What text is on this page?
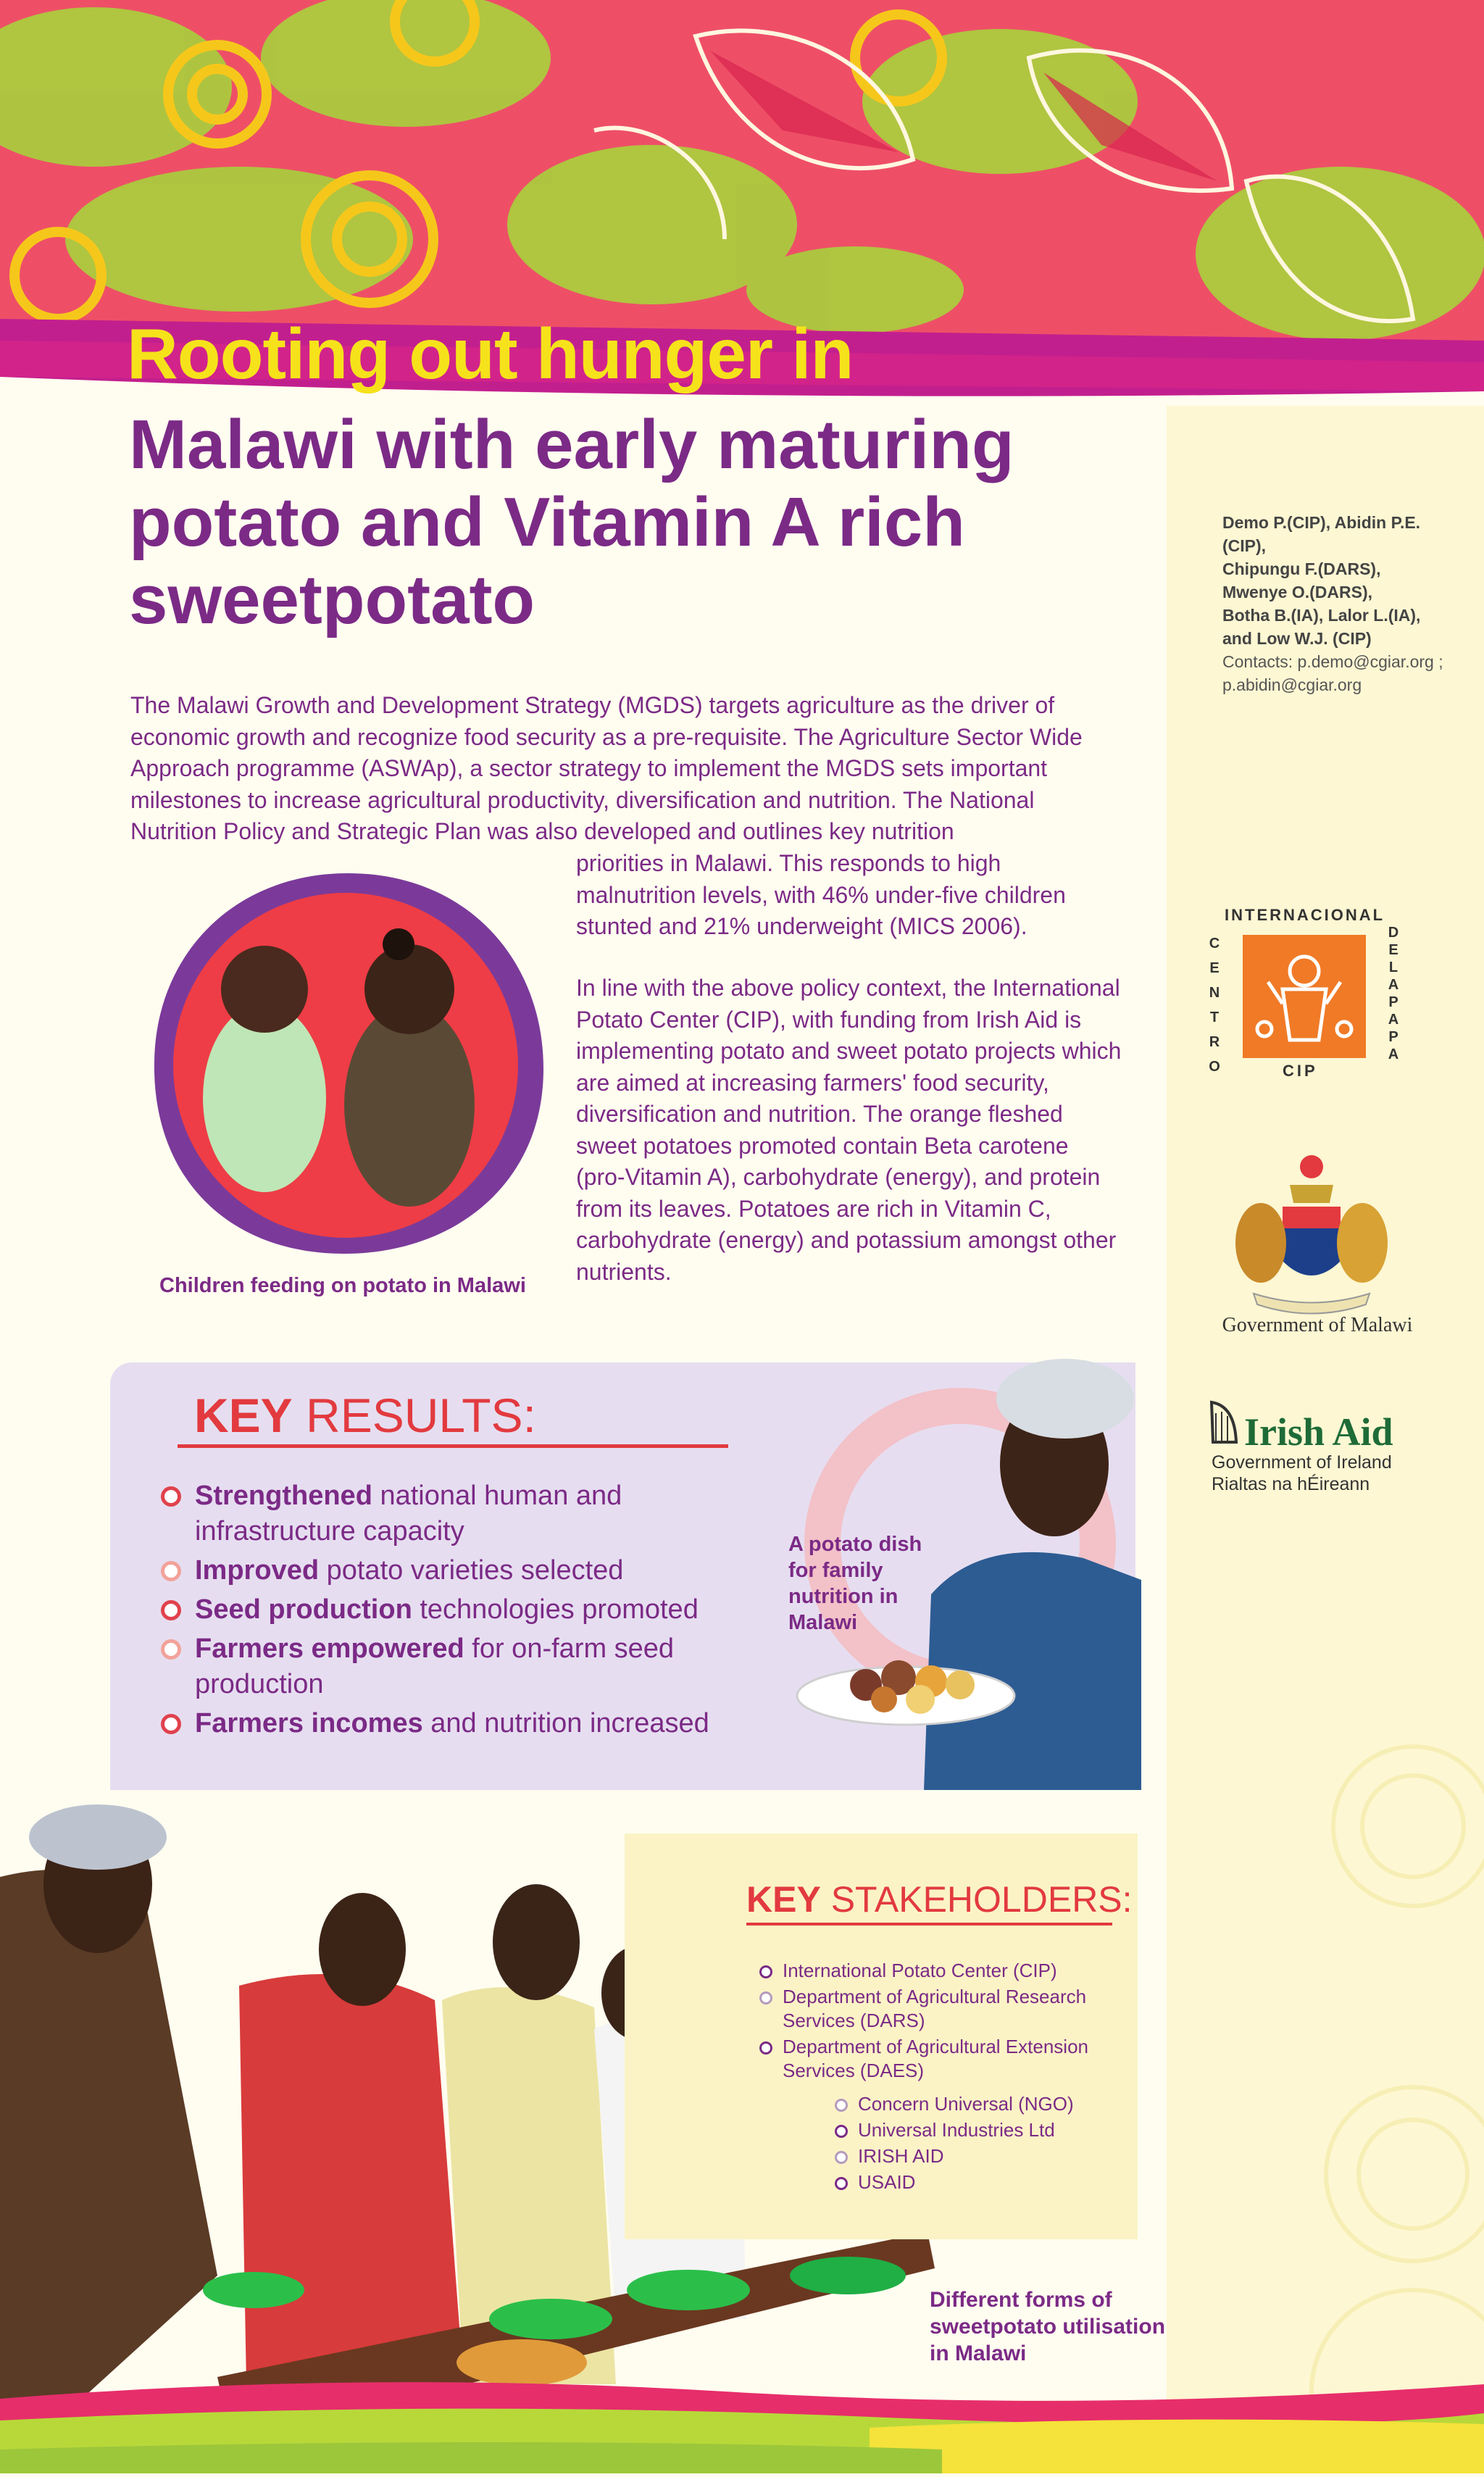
Rooting out hunger in
Malawi with early maturing potato and Vitamin A rich sweetpotato
Demo P.(CIP), Abidin P.E. (CIP),
Chipungu F.(DARS),
Mwenye O.(DARS),
Botha B.(IA), Lalor L.(IA),
and Low W.J. (CIP)
Contacts: p.demo@cgiar.org ;
p.abidin@cgiar.org
The Malawi Growth and Development Strategy (MGDS) targets agriculture as the driver of economic growth and recognize food security as a pre-requisite. The Agriculture Sector Wide Approach programme (ASWAp), a sector strategy to implement the MGDS sets important milestones to increase agricultural productivity, diversification and nutrition. The National Nutrition Policy and Strategic Plan was also developed and outlines key nutrition
priorities in Malawi. This responds to high malnutrition levels, with 46% under-five children stunted and 21% underweight (MICS 2006).
In line with the above policy context, the International Potato Center (CIP), with funding from Irish Aid is implementing potato and sweet potato projects which are aimed at increasing farmers' food security, diversification and nutrition. The orange fleshed sweet potatoes promoted contain Beta carotene (pro-Vitamin A), carbohydrate (energy), and protein from its leaves. Potatoes are rich in Vitamin C, carbohydrate (energy) and potassium amongst other nutrients.
Children feeding on potato in Malawi
KEY RESULTS:
Strengthened national human and infrastructure capacity
Improved potato varieties selected
Seed production technologies promoted
Farmers empowered for on-farm seed production
Farmers incomes and nutrition increased
A potato dish for family nutrition in Malawi
KEY STAKEHOLDERS:
International Potato Center (CIP)
Department of Agricultural Research Services (DARS)
Department of Agricultural Extension Services (DAES)
Concern Universal (NGO)
Universal Industries Ltd
IRISH AID
USAID
Different forms of sweetpotato utilisation in Malawi
INTERNACIONAL
CENTRO
DE LA PAPA
CIP
Government of Malawi
Irish Aid
Government of Ireland
Rialtas na hÉireann
